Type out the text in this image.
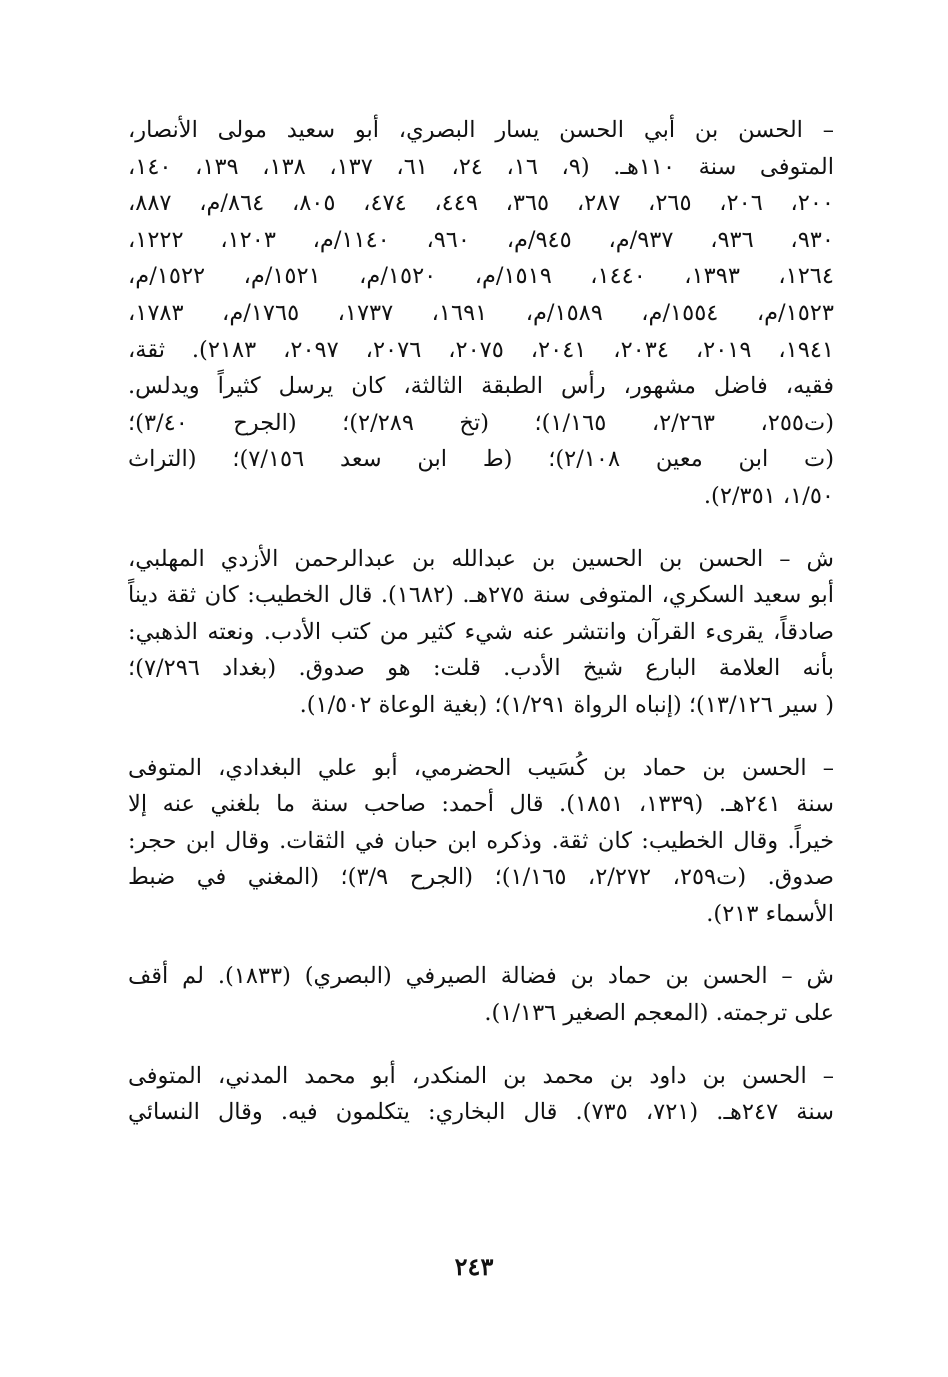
– الحسن بن أبي الحسن يسار البصري، أبو سعيد مولى الأنصار،
المتوفى سنة ١١٠هـ. (٩، ١٦، ٢٤، ٦١، ١٣٧، ١٣٨، ١٣٩، ١٤٠،
٢٠٠، ٢٠٦، ٢٦٥، ٢٨٧، ٣٦٥، ٤٤٩، ٤٧٤، ٨٠٥، ٨٦٤/م، ٨٨٧،
٩٣٠، ٩٣٦، ٩٣٧/م، ٩٤٥/م، ٩٦٠، ١١٤٠/م، ١٢٠٣، ١٢٢٢،
١٢٦٤، ١٣٩٣، ١٤٤٠، ١٥١٩/م، ١٥٢٠/م، ١٥٢١/م، ١٥٢٢/م،
١٥٢٣/م، ١٥٥٤/م، ١٥٨٩/م، ١٦٩١، ١٧٣٧، ١٧٦٥/م، ١٧٨٣،
١٩٤١، ٢٠١٩، ٢٠٣٤، ٢٠٤١، ٢٠٧٥، ٢٠٧٦، ٢٠٩٧، ٢١٨٣). ثقة،
فقيه، فاضل مشهور، رأس الطبقة الثالثة، كان يرسل كثيراً ويدلس.
(ت٢٥٥، ٢/٢٦٣، ١/١٦٥)؛ (تخ ٢/٢٨٩)؛ (الجرح ٣/٤٠)؛
(ت ابن معين ٢/١٠٨)؛ (ط ابن سعد ٧/١٥٦)؛ (التراث
١/٥٠، ٢/٣٥١).
ش – الحسن بن الحسين بن عبدالله بن عبدالرحمن الأزدي المهلبي،
أبو سعيد السكري، المتوفى سنة ٢٧٥هـ. (١٦٨٢). قال الخطيب: كان ثقة ديناً
صادقاً، يقرىء القرآن وانتشر عنه شيء كثير من كتب الأدب. ونعته الذهبي:
بأنه العلامة البارع شيخ الأدب. قلت: هو صدوق. (بغداد ٧/٢٩٦)؛
( سير ١٣/١٢٦)؛ (إنباه الرواة ١/٢٩١)؛ (بغية الوعاة ١/٥٠٢).
– الحسن بن حماد بن كُسَيب الحضرمي، أبو علي البغدادي، المتوفى
سنة ٢٤١هـ. (١٣٣٩، ١٨٥١). قال أحمد: صاحب سنة ما بلغني عنه إلا
خيراً. وقال الخطيب: كان ثقة. وذكره ابن حبان في الثقات. وقال ابن حجر:
صدوق. (ت٢٥٩، ٢/٢٧٢، ١/١٦٥)؛ (الجرح ٣/٩)؛ (المغني في ضبط
الأسماء ٢١٣).
ش – الحسن بن حماد بن فضالة الصيرفي (البصري) (١٨٣٣). لم أقف
على ترجمته. (المعجم الصغير ١/١٣٦).
– الحسن بن داود بن محمد بن المنكدر، أبو محمد المدني، المتوفى
سنة ٢٤٧هـ. (٧٢١، ٧٣٥). قال البخاري: يتكلمون فيه. وقال النسائي
٢٤٣
